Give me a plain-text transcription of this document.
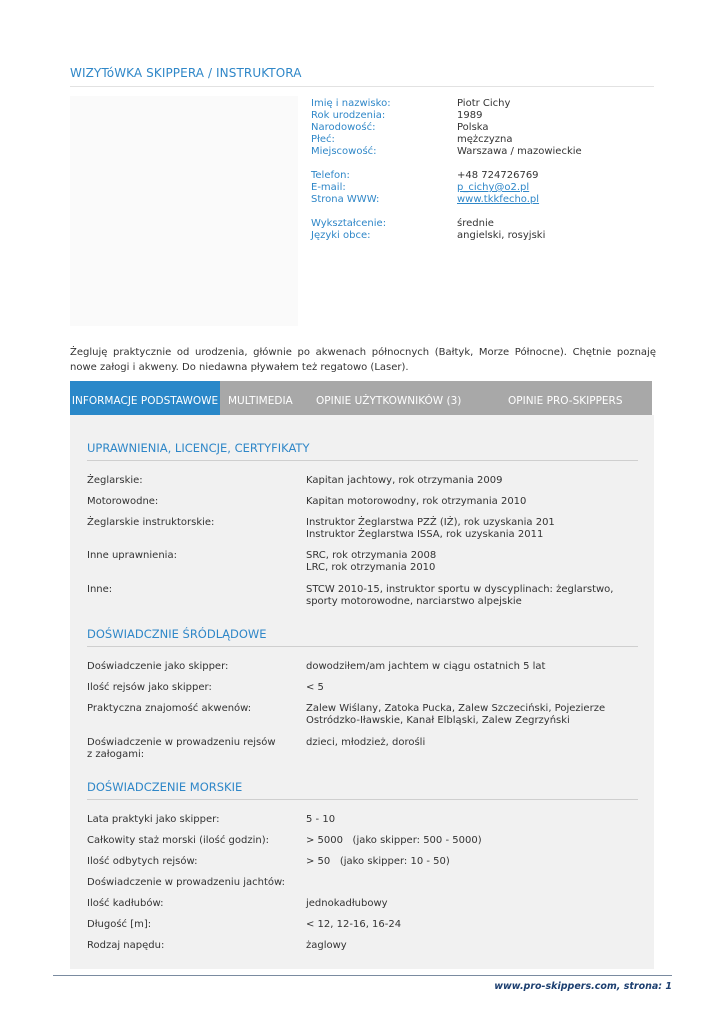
WIZYTóWKA SKIPPERA / INSTRUKTORA
Imię i nazwisko:	Piotr Cichy
Rok urodzenia:	1989
Narodowość:	Polska
Płeć:	mężczyzna
Miejscowość:	Warszawa / mazowieckie
Telefon:	+48 724726769
E-mail:	p_cichy@o2.pl
Strona WWW:	www.tkkfecho.pl
Wykształcenie:	średnie
Języki obce:	angielski, rosyjski
Żegluję praktycznie od urodzenia, głównie po akwenach północnych (Bałtyk, Morze Północne). Chętnie poznaję nowe załogi i akweny. Do niedawna pływałem też regatowo (Laser).
INFORMACJE PODSTAWOWE MULTIMEDIA OPINIE UŻYTKOWNIKÓW (3)	OPINIE PRO-SKIPPERS
UPRAWNIENIA, LICENCJE, CERTYFIKATY
Żeglarskie:	Kapitan jachtowy, rok otrzymania 2009
Motorowodne:	Kapitan motorowodny, rok otrzymania 2010
Żeglarskie instruktorskie:	Instruktor Żeglarstwa PZŻ (IŻ), rok uzyskania 201
Instruktor Żeglarstwa ISSA, rok uzyskania 2011
Inne uprawnienia:	SRC, rok otrzymania 2008
LRC, rok otrzymania 2010
Inne:	STCW 2010-15, instruktor sportu w dyscyplinach: żeglarstwo, sporty motorowodne, narciarstwo alpejskie
DOŚWIADCZNIE ŚRÓDLĄDOWE
Doświadczenie jako skipper:	dowodziłem/am jachtem w ciągu ostatnich 5 lat
Ilość rejsów jako skipper:	< 5
Praktyczna znajomość akwenów:	Zalew Wiślany, Zatoka Pucka, Zalew Szczeciński, Pojezierze Ostródzko-Iławskie, Kanał Elbląski, Zalew Zegrzyński
Doświadczenie w prowadzeniu rejsów z załogami:
dzieci, młodzież, dorośli
DOŚWIADCZENIE MORSKIE
Lata praktyki jako skipper:	5 - 10
Całkowity staż morski (ilość godzin):	> 5000   (jako skipper: 500 - 5000)
Ilość odbytych rejsów:	> 50   (jako skipper: 10 - 50)
Doświadczenie w prowadzeniu jachtów:
Ilość kadłubów:	jednokadłubowy
Długość [m]:	< 12, 12-16, 16-24
Rodzaj napędu:	żaglowy
www.pro-skippers.com, strona: 1
